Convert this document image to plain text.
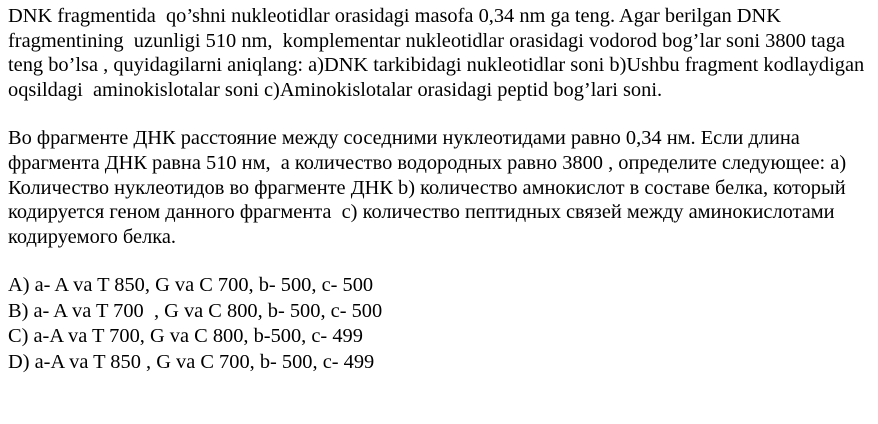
DNK fragmentida  qo’shni nukleotidlar orasidagi masofa 0,34 nm ga teng. Agar berilgan DNK fragmentining  uzunligi 510 nm,  komplementar nukleotidlar orasidagi vodorod bog’lar soni 3800 taga teng bo’lsa , quyidagilarni aniqlang: a)DNK tarkibidagi nukleotidlar soni b)Ushbu fragment kodlaydigan oqsildagi  aminokislotalar soni c)Aminokislotalar orasidagi peptid bog’lari soni.

Во фрагменте ДНК расстояние между соседними нуклеотидами равно 0,34 нм. Если длина фрагмента ДНК равна 510 нм,  а количество водородных равно 3800 , определите следующее: а) Количество нуклеотидов во фрагменте ДНК b) количество амнокислот в составе белка, который кодируется геном данного фрагмента  с) количество пептидных связей между аминокислотами кодируемого белка.

A) a- A va T 850, G va C 700, b- 500, c- 500
B) a- A va T 700  , G va C 800, b- 500, c- 500
C) a-A va T 700, G va C 800, b-500, c- 499
D) a-A va T 850 , G va C 700, b- 500, c- 499
